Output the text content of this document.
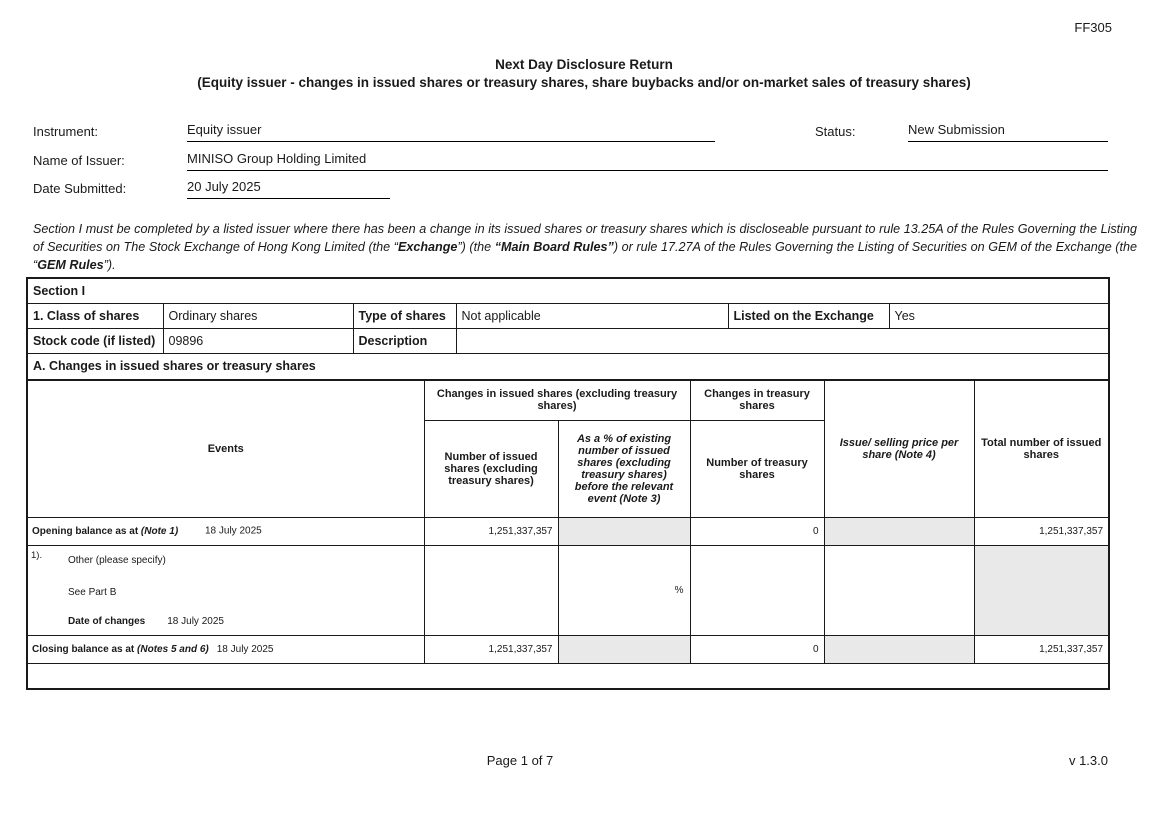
FF305
Next Day Disclosure Return
(Equity issuer - changes in issued shares or treasury shares, share buybacks and/or on-market sales of treasury shares)
Instrument:	Equity issuer	Status:	New Submission
Name of Issuer:	MINISO Group Holding Limited
Date Submitted:	20 July 2025
Section I must be completed by a listed issuer where there has been a change in its issued shares or treasury shares which is discloseable pursuant to rule 13.25A of the Rules Governing the Listing of Securities on The Stock Exchange of Hong Kong Limited (the “Exchange”) (the “Main Board Rules”) or rule 17.27A of the Rules Governing the Listing of Securities on GEM of the Exchange (the “GEM Rules”).
Section I					
1. Class of shares	Ordinary shares	Type of shares	Not applicable	Listed on the Exchange	Yes
Stock code (if listed)	09896	Description			
A. Changes in issued shares or treasury shares					
Events	Changes in issued shares (excluding treasury shares)		Changes in treasury shares	Issue/ selling price per share (Note 4)	Total number of issued shares
	Number of issued shares (excluding treasury shares)	As a % of existing number of issued shares (excluding treasury shares) before the relevant event (Note 3)	Number of treasury shares		
Opening balance as at (Note 1) 18 July 2025	1,251,337,357		0		1,251,337,357

1). Other (please specify)
See Part B
Date of changes 18 July 2025		%			
Closing balance as at (Notes 5 and 6) 18 July 2025	1,251,337,357		0		1,251,337,357

Page 1 of 7	v 1.3.0
